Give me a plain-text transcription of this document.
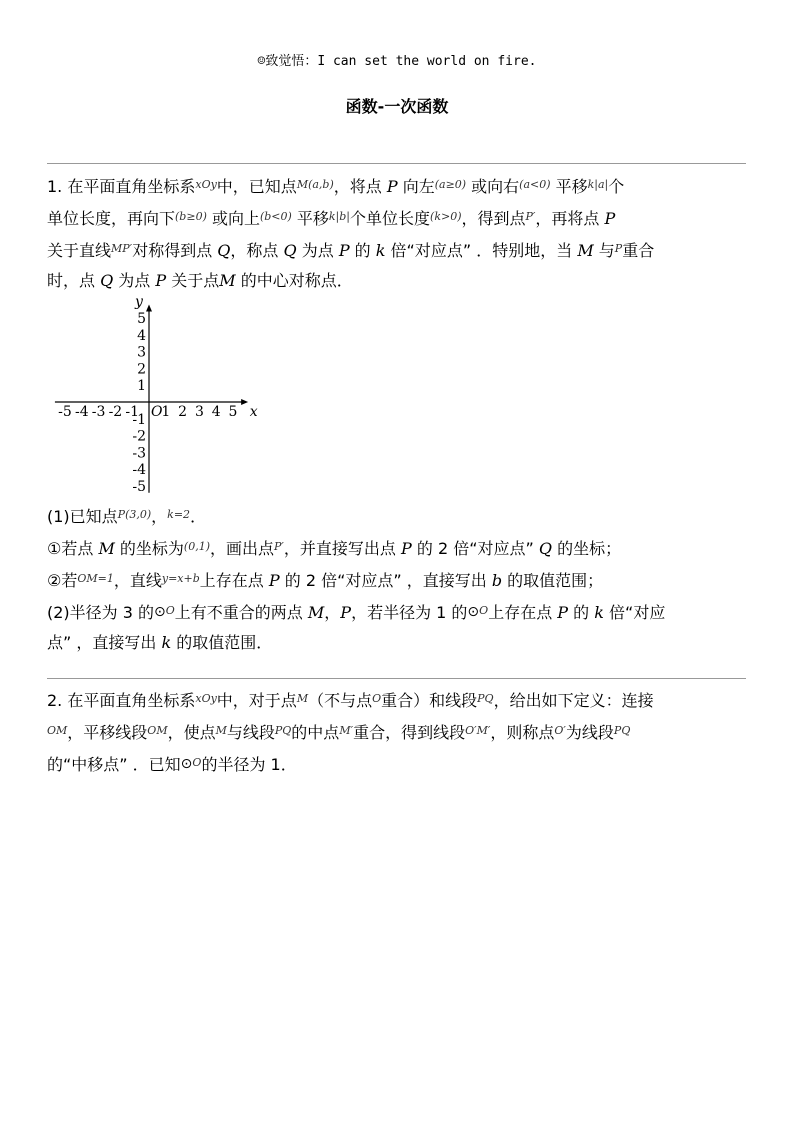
☺致觉悟：I can set the world on fire.
函数-一次函数
1. 在平面直角坐标系$^{xOy}$中，已知点$^{M(a,b)}$，将点 P 向左$^{(a\ge 0)}$ 或向右$^{(a<0)}$ 平移$^{k|a|}$个
单位长度，再向下$^{(b\ge 0)}$ 或向上$^{(b<0)}$ 平移$^{k|b|}$个单位长度$^{(k>0)}$，得到点$^{P'}$，再将点 P
关于直线$^{MP'}$对称得到点 Q，称点 Q 为点 P 的 k 倍“对应点” ．特别地，当 M 与$^P$重合
时，点 Q 为点 P 关于点M 的中心对称点．
-5 -4 -3 -2 -1 1 2 3 4 5
5
4
3
2
1
-1
-2
-3
-4
-5
O	x
y
(1)已知点$^{P(3,0)}$，$^{k=2}$．
①若点 M 的坐标为$^{(0,1)}$，画出点$^{P'}$，并直接写出点 P 的 2 倍“对应点” Q 的坐标；
②若$^{OM=1}$，直线$^{y=x+b}$上存在点 P 的 2 倍“对应点” ，直接写出 b 的取值范围；
(2)半径为 3 的⊙$^O$上有不重合的两点 M，P，若半径为 1 的⊙$^O$上存在点 P 的 k 倍“对应
点” ，直接写出 k 的取值范围．
2. 在平面直角坐标系$^{xOy}$中，对于点$^M$（不与点$^O$重合）和线段$^{PQ}$，给出如下定义：连接
$^{OM}$，平移线段$^{OM}$，使点$^M$与线段$^{PQ}$的中点$^{M'}$重合，得到线段$^{O'M'}$，则称点$^{O'}$为线段$^{PQ}$
的“中移点” ．已知⊙$^O$的半径为 1．
